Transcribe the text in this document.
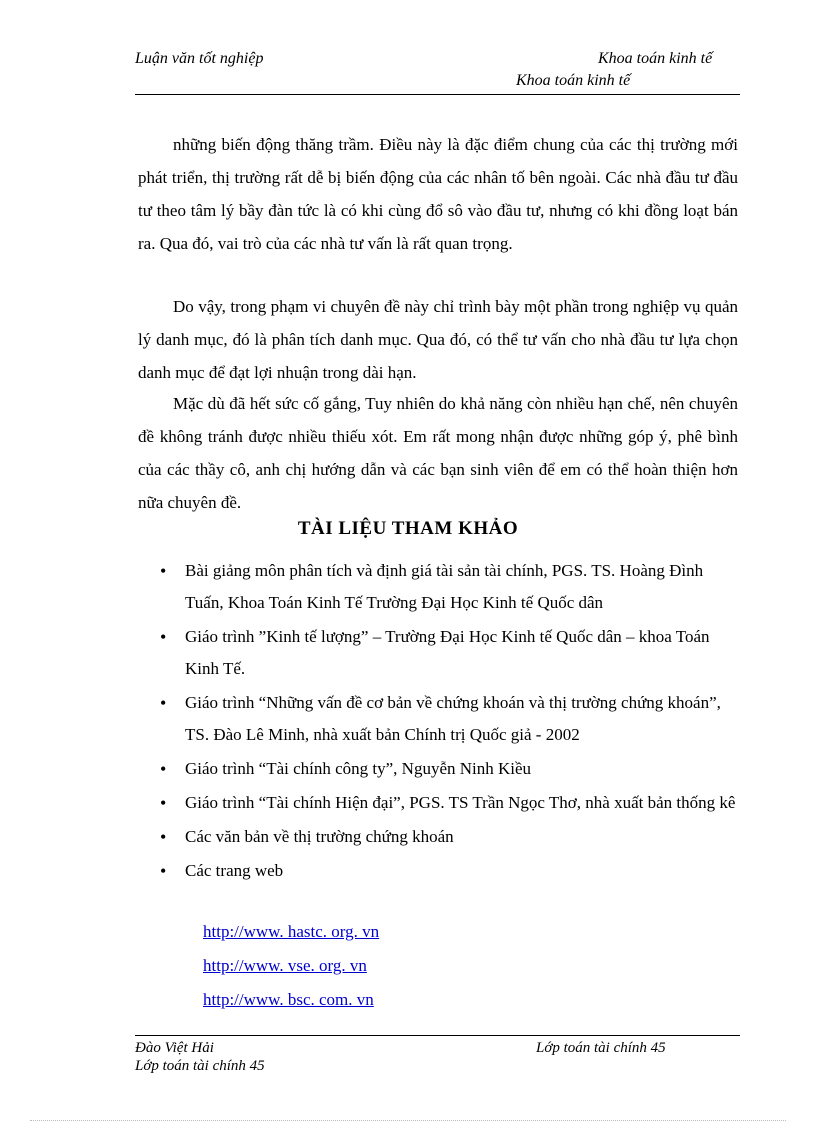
Luận văn tốt nghiệp	Khoa toán kinh tế
Khoa toán kinh tế

những biến động thăng trầm. Điều này là đặc điểm chung của các thị trường mới phát triển, thị trường rất dễ bị biến động của các nhân tố bên ngoài. Các nhà đầu tư đầu tư theo tâm lý bầy đàn tức là có khi cùng đổ sô vào đầu tư, nhưng có khi đồng loạt bán ra. Qua đó, vai trò của các nhà tư vấn là rất quan trọng.

Do vậy, trong phạm vi chuyên đề này chỉ trình bày một phần trong nghiệp vụ quản lý danh mục, đó là phân tích danh mục. Qua đó, có thể tư vấn cho nhà đầu tư lựa chọn danh mục để đạt lợi nhuận trong dài hạn.

Mặc dù đã hết sức cố gắng, Tuy nhiên do khả năng còn nhiều hạn chế, nên chuyên đề không tránh được nhiều thiếu xót. Em rất mong nhận được những góp ý, phê bình của các thầy cô, anh chị hướng dẫn và các bạn sinh viên để em có thể hoàn thiện hơn nữa chuyên đề.

TÀI LIỆU THAM KHẢO
• Bài giảng môn phân tích và định giá tài sản tài chính, PGS. TS. Hoàng Đình Tuấn, Khoa Toán Kinh Tế Trường Đại Học Kinh tế Quốc dân
• Giáo trình ”Kinh tế lượng” – Trường Đại Học Kinh tế Quốc dân – khoa Toán Kinh Tế.
• Giáo trình “Những vấn đề cơ bản về chứng khoán và thị trường chứng khoán”, TS. Đào Lê Minh, nhà xuất bản Chính trị Quốc giả - 2002
• Giáo trình “Tài chính công ty”, Nguyễn Ninh Kiều
• Giáo trình “Tài chính Hiện đại”, PGS. TS Trần Ngọc Thơ, nhà xuất bản thống kê
• Các văn bản về thị trường chứng khoán
• Các trang web
http://www. hastc. org. vn
http://www. vse. org. vn
http://www. bsc. com. vn
Đào Việt Hải	Lớp toán tài chính 45
Lớp toán tài chính 45
